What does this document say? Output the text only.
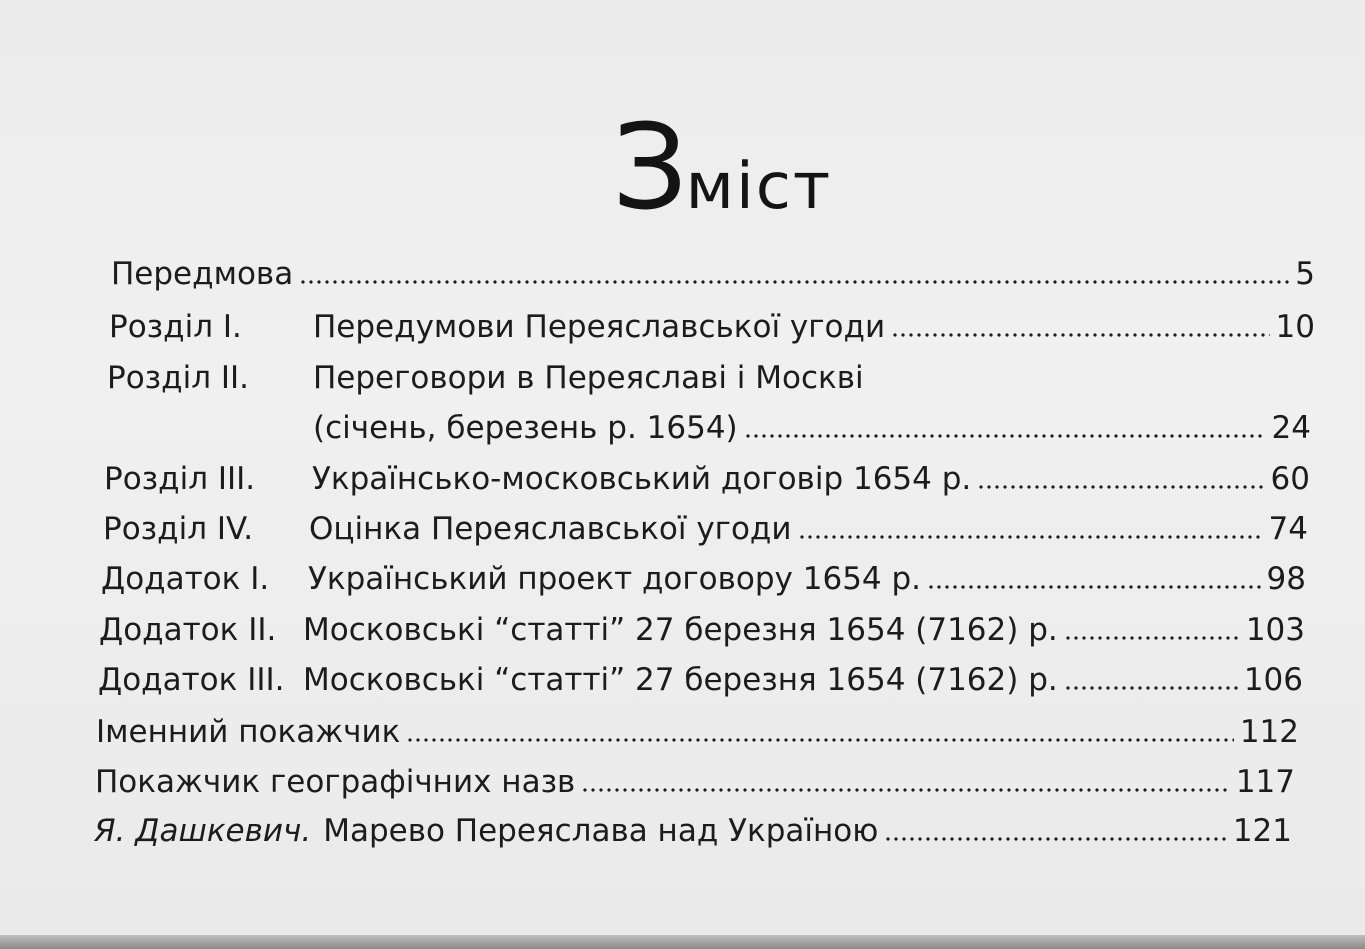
Зміст
Передмова	5
Розділ І.	Передумови Переяславської угоди	10
Розділ ІІ. Переговори в Переяславі і Москві
(січень, березень р. 1654)	24
Розділ ІІІ.	Українсько-московський договір 1654 р.	60
Розділ IV.	Оцінка Переяславської угоди	74
Додаток І.	Український проект договору 1654 р.	98
Додаток ІІ. Московські “статті” 27 березня 1654 (7162) р.	103
Додаток ІІІ. Московські “статті” 27 березня 1654 (7162) р.	106
Іменний покажчик	112
Покажчик географічних назв	117
Я. Дашкевич. Марево Переяслава над Україною	121
